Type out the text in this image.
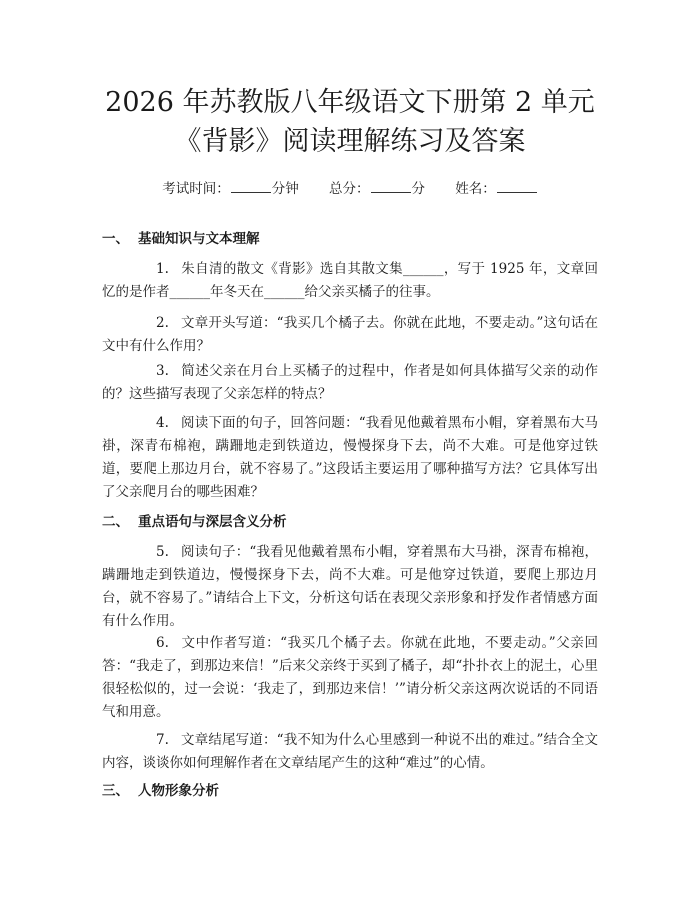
2026 年苏教版八年级语文下册第 2 单元《背影》阅读理解练习及答案
考试时间：	分钟 总分：	分 姓名：
一、 基础知识与文本理解

1. 朱自清的散文《背影》选自其散文集______，写于 1925 年，文章回忆的是作者______年冬天在______给父亲买橘子的往事。

2. 文章开头写道：“我买几个橘子去。你就在此地，不要走动。”这句话在文中有什么作用？

3. 简述父亲在月台上买橘子的过程中，作者是如何具体描写父亲的动作的？这些描写表现了父亲怎样的特点？

4. 阅读下面的句子，回答问题：“我看见他戴着黑布小帽，穿着黑布大马褂，深青布棉袍，蹒跚地走到铁道边，慢慢探身下去，尚不大难。可是他穿过铁道，要爬上那边月台，就不容易了。”这段话主要运用了哪种描写方法？它具体写出了父亲爬月台的哪些困难？

二、 重点语句与深层含义分析

5. 阅读句子：“我看见他戴着黑布小帽，穿着黑布大马褂，深青布棉袍，蹒跚地走到铁道边，慢慢探身下去，尚不大难。可是他穿过铁道，要爬上那边月台，就不容易了。”请结合上下文，分析这句话在表现父亲形象和抒发作者情感方面有什么作用。

6. 文中作者写道：“我买几个橘子去。你就在此地，不要走动。”父亲回答：“我走了，到那边来信！”后来父亲终于买到了橘子，却“扑扑衣上的泥土，心里很轻松似的，过一会说：‘我走了，到那边来信！’”请分析父亲这两次说话的不同语气和用意。

7. 文章结尾写道：“我不知为什么心里感到一种说不出的难过。”结合全文内容，谈谈你如何理解作者在文章结尾产生的这种“难过”的心情。

三、 人物形象分析
